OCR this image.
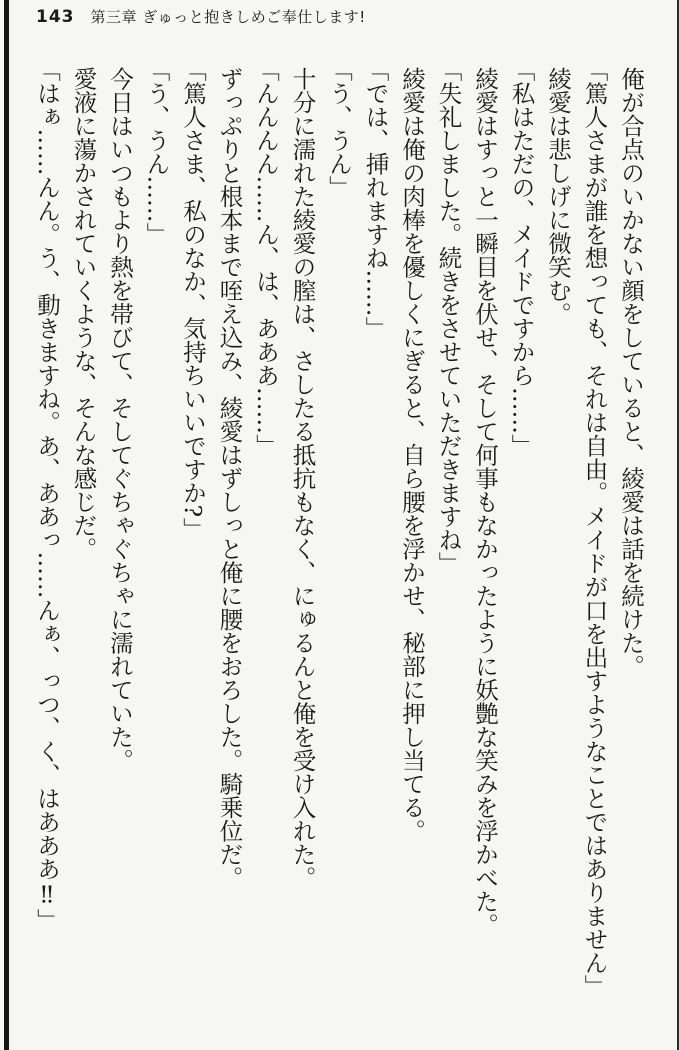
143 第三章 ぎゅっと抱きしめご奉仕します!

俺が合点のいかない顔をしていると、綾愛は話を続けた。

「篤人さまが誰を想っても、それは自由。メイドが口を出すようなことではありません」

綾愛は悲しげに微笑む。

「私はただの、メイドですから……」

綾愛はすっと一瞬目を伏せ、そして何事もなかったように妖艶な笑みを浮かべた。

「失礼しました。続きをさせていただきますね」

綾愛は俺の肉棒を優しくにぎると、自ら腰を浮かせ、秘部に押し当てる。

「では、挿れますね……」

「う、うん」

十分に濡れた綾愛の膣は、さしたる抵抗もなく、にゅるんと俺を受け入れた。

「んんんん……ん、は、あああ……」

ずっぷりと根本まで咥え込み、綾愛はずしっと俺に腰をおろした。騎乗位だ。

「篤人さま、私のなか、気持ちいいですか?」

「う、うん……」

今日はいつもより熱を帯びて、そしてぐちゃぐちゃに濡れていた。

愛液に蕩かされていくような、そんな感じだ。

「はぁ……んん。う、動きますね。あ、ああっ……んぁ、っつ、く、はあああ‼」
